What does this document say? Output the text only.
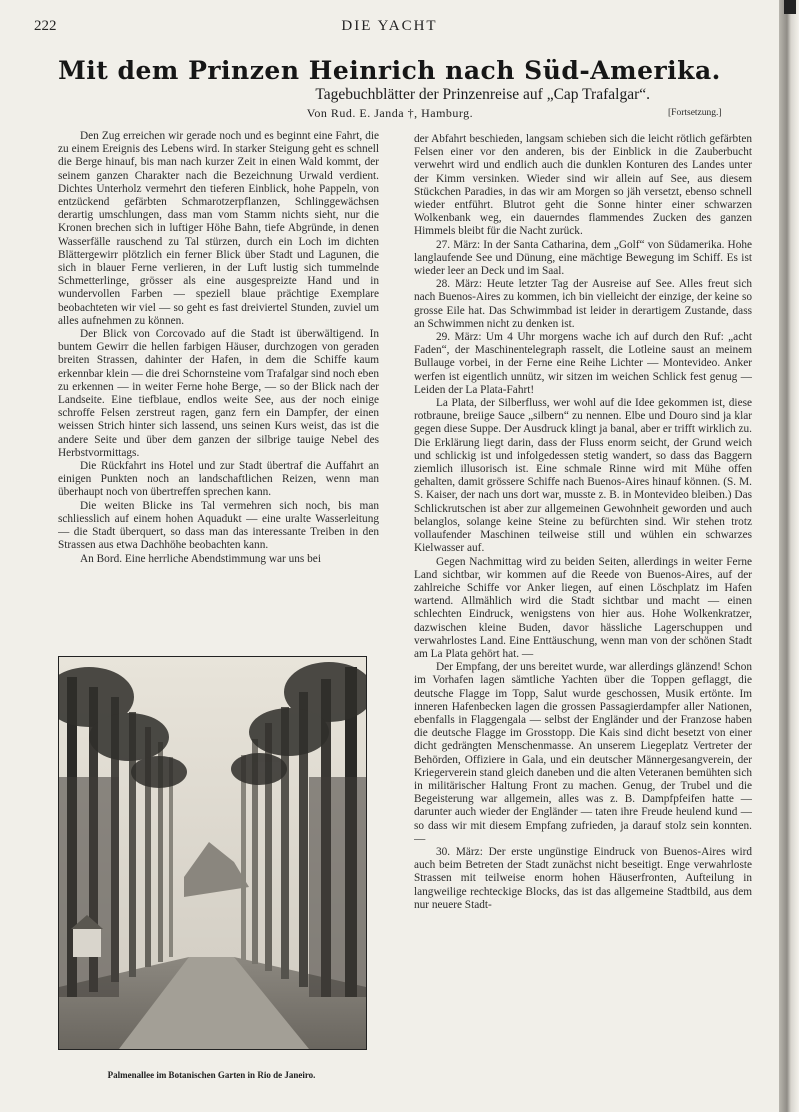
222	DIE YACHT
Mit dem Prinzen Heinrich nach Süd-Amerika.
Tagebuchblätter der Prinzenreise auf „Cap Trafalgar“.
Von Rud. E. Janda †, Hamburg.	[Fortsetzung.]

Den Zug erreichen wir gerade noch und es beginnt eine Fahrt, die zu einem Ereignis des Lebens wird. In starker Steigung geht es schnell die Berge hinauf, bis man nach kurzer Zeit in einen Wald kommt, der seinem ganzen Charakter nach die Bezeichnung Urwald verdient. Dichtes Unterholz vermehrt den tieferen Einblick, hohe Pappeln, von entzückend gefärbten Schmarotzerpflanzen, Schlinggewächsen derartig umschlungen, dass man vom Stamm nichts sieht, nur die Kronen brechen sich in luftiger Höhe Bahn, tiefe Abgründe, in denen Wasserfälle rauschend zu Tal stürzen, durch ein Loch im dichten Blättergewirr plötzlich ein ferner Blick über Stadt und Lagunen, die sich in blauer Ferne verlieren, in der Luft lustig sich tummelnde Schmetterlinge, grösser als eine ausgespreizte Hand und in wundervollen Farben — speziell blaue prächtige Exemplare beobachteten wir viel — so geht es fast dreiviertel Stunden, zuviel um alles aufnehmen zu können.

Der Blick von Corcovado auf die Stadt ist überwältigend. In buntem Gewirr die hellen farbigen Häuser, durchzogen von geraden breiten Strassen, dahinter der Hafen, in dem die Schiffe kaum erkennbar klein — die drei Schornsteine vom Trafalgar sind noch eben zu erkennen — in weiter Ferne hohe Berge, — so der Blick nach der Landseite. Eine tiefblaue, endlos weite See, aus der noch einige schroffe Felsen zerstreut ragen, ganz fern ein Dampfer, der einen weissen Strich hinter sich lassend, uns seinen Kurs weist, das ist die andere Seite und über dem ganzen der silbrige tauige Nebel des Herbstvormittags.

Die Rückfahrt ins Hotel und zur Stadt übertraf die Auffahrt an einigen Punkten noch an landschaftlichen Reizen, wenn man überhaupt noch von übertreffen sprechen kann.

Die weiten Blicke ins Tal vermehren sich noch, bis man schliesslich auf einem hohen Aquadukt — eine uralte Wasserleitung — die Stadt überquert, so dass man das interessante Treiben in den Strassen aus etwa Dachhöhe beobachten kann.

An Bord. Eine herrliche Abendstimmung war uns bei

Palmenallee im Botanischen Garten in Rio de Janeiro.

der Abfahrt beschieden, langsam schieben sich die leicht rötlich gefärbten Felsen einer vor den anderen, bis der Einblick in die Zauberbucht verwehrt wird und endlich auch die dunklen Konturen des Landes unter der Kimm versinken. Wieder sind wir allein auf See, aus diesem Stückchen Paradies, in das wir am Morgen so jäh versetzt, ebenso schnell wieder entführt. Blutrot geht die Sonne hinter einer schwarzen Wolkenbank weg, ein dauerndes flammendes Zucken des ganzen Himmels bleibt für die Nacht zurück.

27. März: In der Santa Catharina, dem „Golf“ von Südamerika. Hohe langlaufende See und Dünung, eine mächtige Bewegung im Schiff. Es ist wieder leer an Deck und im Saal.

28. März: Heute letzter Tag der Ausreise auf See. Alles freut sich nach Buenos-Aires zu kommen, ich bin vielleicht der einzige, der keine so grosse Eile hat. Das Schwimmbad ist leider in derartigem Zustande, dass an Schwimmen nicht zu denken ist.

29. März: Um 4 Uhr morgens wache ich auf durch den Ruf: „acht Faden“, der Maschinentelegraph rasselt, die Lotleine saust an meinem Bullauge vorbei, in der Ferne eine Reihe Lichter — Montevideo. Anker werfen ist eigentlich unnütz, wir sitzen im weichen Schlick fest genug — Leiden der La Plata-Fahrt!

La Plata, der Silberfluss, wer wohl auf die Idee gekommen ist, diese rotbraune, breiige Sauce „silbern“ zu nennen. Elbe und Douro sind ja klar gegen diese Suppe. Der Ausdruck klingt ja banal, aber er trifft wirklich zu. Die Erklärung liegt darin, dass der Fluss enorm seicht, der Grund weich und schlickig ist und infolgedessen stetig wandert, so dass das Baggern ziemlich illusorisch ist. Eine schmale Rinne wird mit Mühe offen gehalten, damit grössere Schiffe nach Buenos-Aires hinauf können. (S. M. S. Kaiser, der nach uns dort war, musste z. B. in Montevideo bleiben.) Das Schlickrutschen ist aber zur allgemeinen Gewohnheit geworden und auch belanglos, solange keine Steine zu befürchten sind. Wir stehen trotz vollaufender Maschinen teilweise still und wühlen ein schwarzes Kielwasser auf.

Gegen Nachmittag wird zu beiden Seiten, allerdings in weiter Ferne Land sichtbar, wir kommen auf die Reede von Buenos-Aires, auf der zahlreiche Schiffe vor Anker liegen, auf einen Löschplatz im Hafen wartend. Allmählich wird die Stadt sichtbar und macht — einen schlechten Eindruck, wenigstens von hier aus. Hohe Wolkenkratzer, dazwischen kleine Buden, davor hässliche Lagerschuppen und verwahrlostes Land. Eine Enttäuschung, wenn man von der schönen Stadt am La Plata gehört hat. —

Der Empfang, der uns bereitet wurde, war allerdings glänzend! Schon im Vorhafen lagen sämtliche Yachten über die Toppen geflaggt, die deutsche Flagge im Topp, Salut wurde geschossen, Musik ertönte. Im inneren Hafenbecken lagen die grossen Passagierdampfer aller Nationen, ebenfalls in Flaggengala — selbst der Engländer und der Franzose haben die deutsche Flagge im Grosstopp. Die Kais sind dicht besetzt von einer dicht gedrängten Menschenmasse. An unserem Liegeplatz Vertreter der Behörden, Offiziere in Gala, und ein deutscher Männergesangverein, der Kriegerverein stand gleich daneben und die alten Veteranen bemühten sich in militärischer Haltung Front zu machen. Genug, der Trubel und die Begeisterung war allgemein, alles was z. B. Dampfpfeifen hatte — darunter auch wieder der Engländer — taten ihre Freude heulend kund — so dass wir mit diesem Empfang zufrieden, ja darauf stolz sein konnten. —

30. März: Der erste ungünstige Eindruck von Buenos-Aires wird auch beim Betreten der Stadt zunächst nicht beseitigt. Enge verwahrloste Strassen mit teilweise enorm hohen Häuserfronten, Aufteilung in langweilige rechteckige Blocks, das ist das allgemeine Stadtbild, aus dem nur neuere Stadt-
